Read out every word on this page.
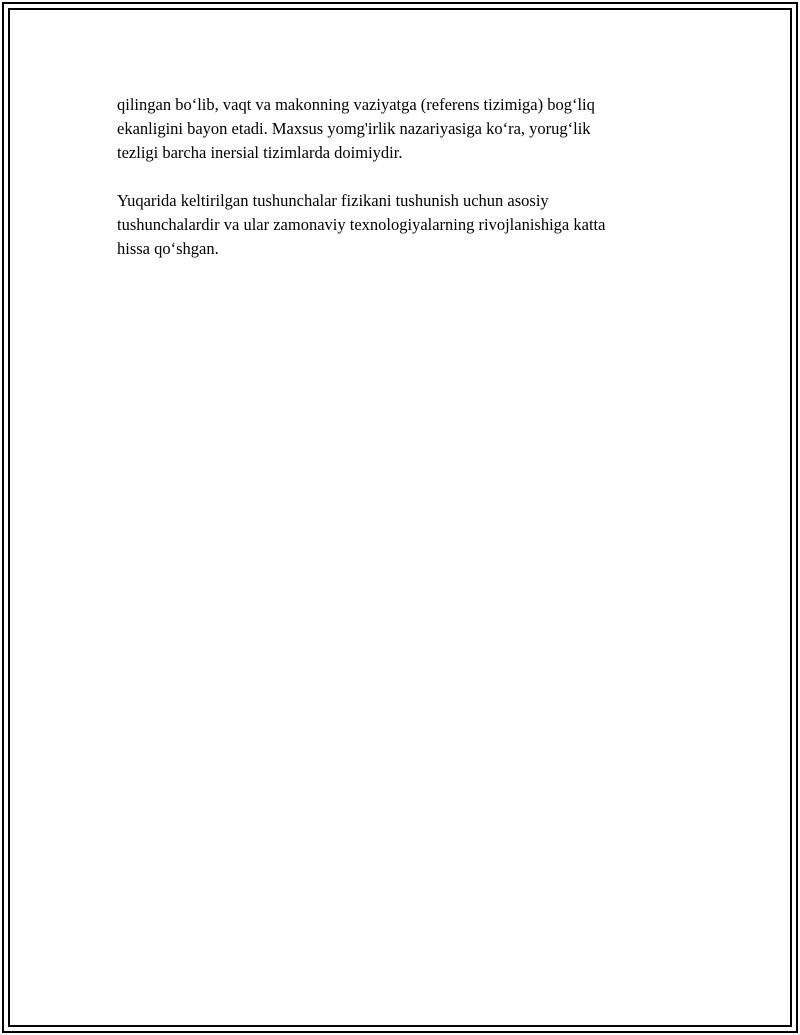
qilingan bo‘lib, vaqt va makonning vaziyatga (referens tizimiga) bog‘liq
ekanligini bayon etadi. Maxsus yomg'irlik nazariyasiga ko‘ra, yorug‘lik
tezligi barcha inersial tizimlarda doimiydir.

Yuqarida keltirilgan tushunchalar fizikani tushunish uchun asosiy
tushunchalardir va ular zamonaviy texnologiyalarning rivojlanishiga katta
hissa qo‘shgan.
